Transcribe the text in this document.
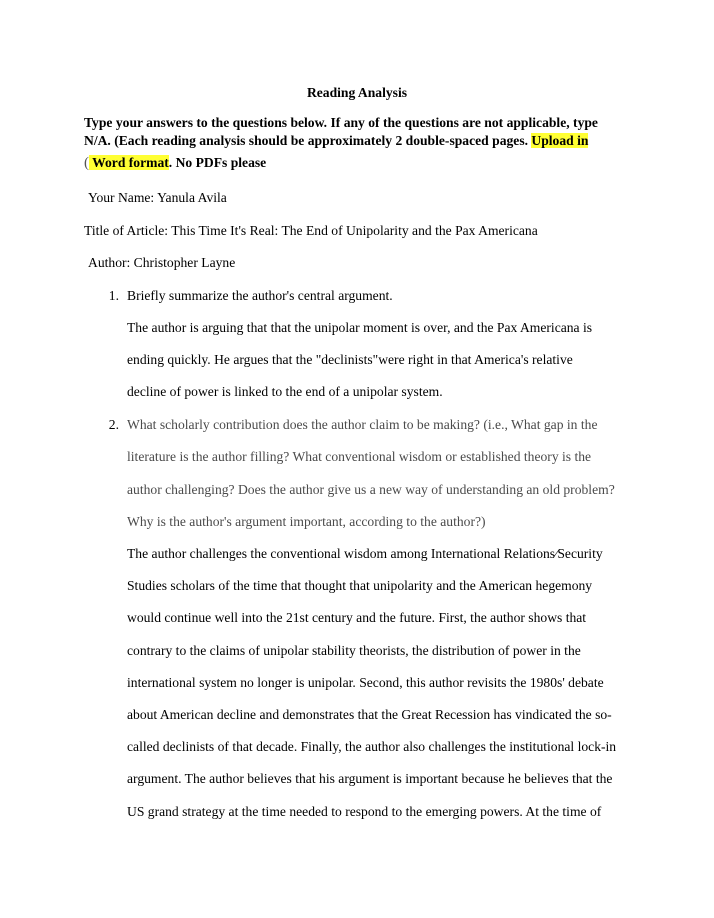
Reading Analysis
Type your answers to the questions below. If any of the questions are not applicable, type
N/A. (Each reading analysis should be approximately 2 double-spaced pages. Upload in
( Word format. No PDFs please
Your Name: Yanula Avila
Title of Article: This Time It's Real: The End of Unipolarity and the Pax Americana
Author: Christopher Layne
1. Briefly summarize the author's central argument.
The author is arguing that that the unipolar moment is over, and the Pax Americana is
ending quickly. He argues that the "declinists"were right in that America's relative
decline of power is linked to the end of a unipolar system.
2. What scholarly contribution does the author claim to be making? (i.e., What gap in the
literature is the author filling? What conventional wisdom or established theory is the
author challenging? Does the author give us a new way of understanding an old problem?
Why is the author's argument important, according to the author?)
The author challenges the conventional wisdom among International Relations⁄Security
Studies scholars of the time that thought that unipolarity and the American hegemony
would continue well into the 21st century and the future. First, the author shows that
contrary to the claims of unipolar stability theorists, the distribution of power in the
international system no longer is unipolar. Second, this author revisits the 1980s' debate
about American decline and demonstrates that the Great Recession has vindicated the so-
called declinists of that decade. Finally, the author also challenges the institutional lock-in
argument. The author believes that his argument is important because he believes that the
US grand strategy at the time needed to respond to the emerging powers. At the time of
